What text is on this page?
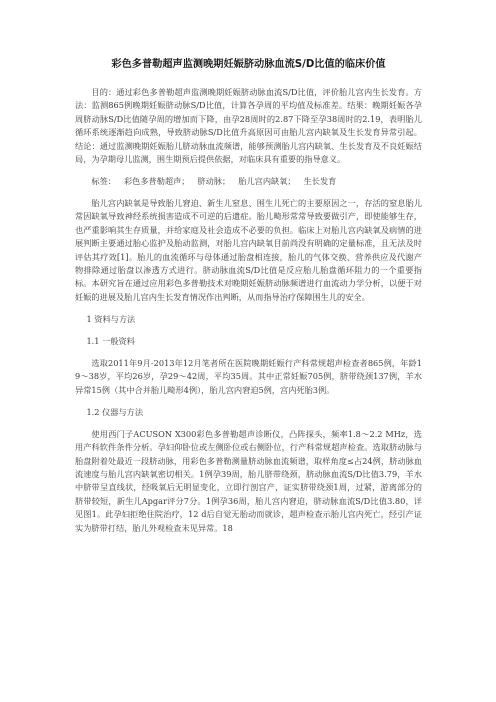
彩色多普勒超声监测晚期妊娠脐动脉血流S/D比值的临床价值
目的：通过彩色多普勒超声监测晚期妊娠脐动脉血流S/D比值，评价胎儿宫内生长发育。方法：监测865例晚期妊娠脐动脉S/D比值，计算各孕周的平均值及标准差。结果：晚期妊娠各孕周脐动脉S/D比值随孕周的增加而下降，由孕28周时的2.87下降至孕38周时的2.19，表明胎儿循环系统逐渐趋向成熟，导致脐动脉S/D比值升高原因可由胎儿宫内缺氧及生长发育异常引起。结论：通过监测晚期妊娠胎儿脐动脉血流频谱，能够预测胎儿宫内缺氧、生长发育及不良妊娠结局，为孕期母儿监测，围生期预后提供依据，对临床具有重要的指导意义。
标签： 彩色多普勒超声； 脐动脉； 胎儿宫内缺氧； 生长发育
胎儿宫内缺氧是导致胎儿窘迫、新生儿窒息、围生儿死亡的主要原因之一，存活的窒息胎儿常因缺氧导致神经系统损害造成不可逆的后遗症。胎儿畸形常常导致要做引产，即使能够生存，也严重影响其生存质量，并给家庭及社会造成不必要的负担。临床上对胎儿宫内缺氧及病情的进展判断主要通过胎心监护及胎动监测，对胎儿宫内缺氧目前尚没有明确的定量标准，且无法及时评估其疗效[1]。胎儿的血流循环与母体通过胎盘相连接，胎儿的气体交换、营养供应及代谢产物排除通过胎盘以渗透方式进行。脐动脉血流S/D比值是反应胎儿胎盘循环阻力的一个重要指标。本研究旨在通过应用彩色多普勒技术对晚期妊娠脐动脉频谱进行血流动力学分析，以便于对妊娠的进展及胎儿宫内生长发育情况作出判断，从而指导治疗保障围生儿的安全。
1 资料与方法
1.1 一般资料
选取2011年9月-2013年12月笔者所在医院晚期妊娠行产科常规超声检查者865例，年龄19～38岁，平均26岁，孕29～42周，平均35周。其中正常妊娠705例，脐带绕颈137例，羊水异常15例（其中合并胎儿畸形4例），胎儿宫内窘迫5例，宫内死胎3例。
1.2 仪器与方法
使用西门子ACUSON X300彩色多普勒超声诊断仪，凸阵探头，频率1.8～2.2 MHz，选用产科软件条件分析。孕妇仰卧位或左侧卧位或右侧卧位，行产科常规超声检查。选取脐动脉与胎盘附着处最近一段脐动脉，用彩色多普勒测量脐动脉血流频谱，取样角度≤占24例，脐动脉血流速度与胎儿宫内缺氧密切相关。1例孕39周，胎儿脐带绕颈，脐动脉血流S/D比值3.79，羊水中脐带呈直线状，经吸氧后无明显变化，立即行剖宫产，证实脐带绕颈1周，过紧，游离部分的脐带较短，新生儿Apgar评分7分。1例孕36周，胎儿宫内窘迫，脐动脉血流S/D比值3.80，详见图1。此孕妇拒绝住院治疗，12 d后自觉无胎动而就诊，超声检查示胎儿宫内死亡，经引产证实为脐带打结，胎儿外观检查未见异常。18
